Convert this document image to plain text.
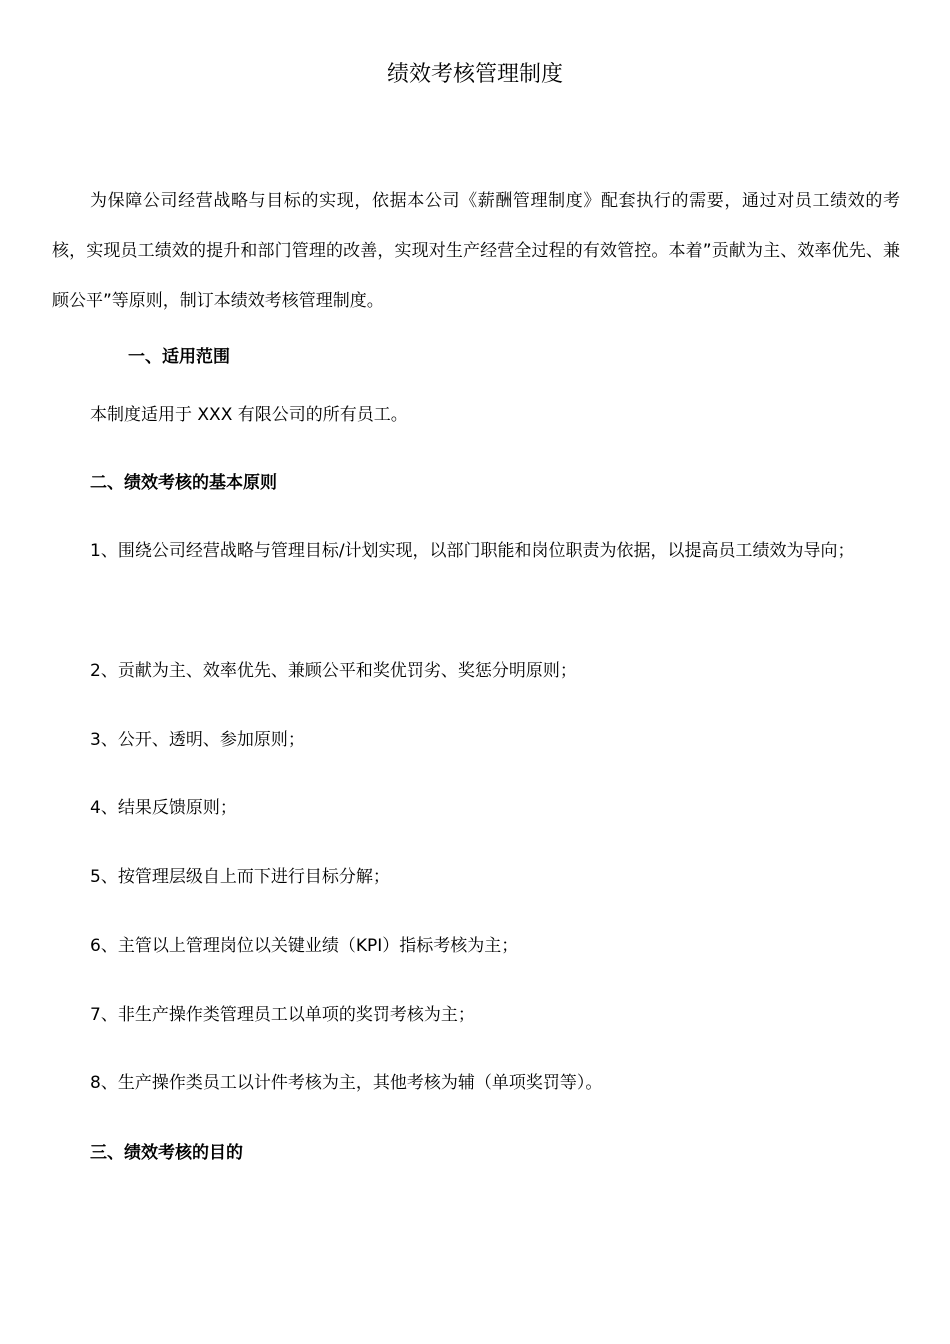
绩效考核管理制度

为保障公司经营战略与目标的实现，依据本公司《薪酬管理制度》配套执行的需要，通过对员工绩效的考核，实现员工绩效的提升和部门管理的改善，实现对生产经营全过程的有效管控。本着”贡献为主、效率优先、兼顾公平”等原则，制订本绩效考核管理制度。

一、适用范围

本制度适用于 XXX 有限公司的所有员工。

二、绩效考核的基本原则

1、围绕公司经营战略与管理目标/计划实现，以部门职能和岗位职责为依据，以提高员工绩效为导向；

2、贡献为主、效率优先、兼顾公平和奖优罚劣、奖惩分明原则；

3、公开、透明、参加原则；

4、结果反馈原则；

5、按管理层级自上而下进行目标分解；

6、主管以上管理岗位以关键业绩（KPI）指标考核为主；

7、非生产操作类管理员工以单项的奖罚考核为主；

8、生产操作类员工以计件考核为主，其他考核为辅（单项奖罚等）。

三、绩效考核的目的
